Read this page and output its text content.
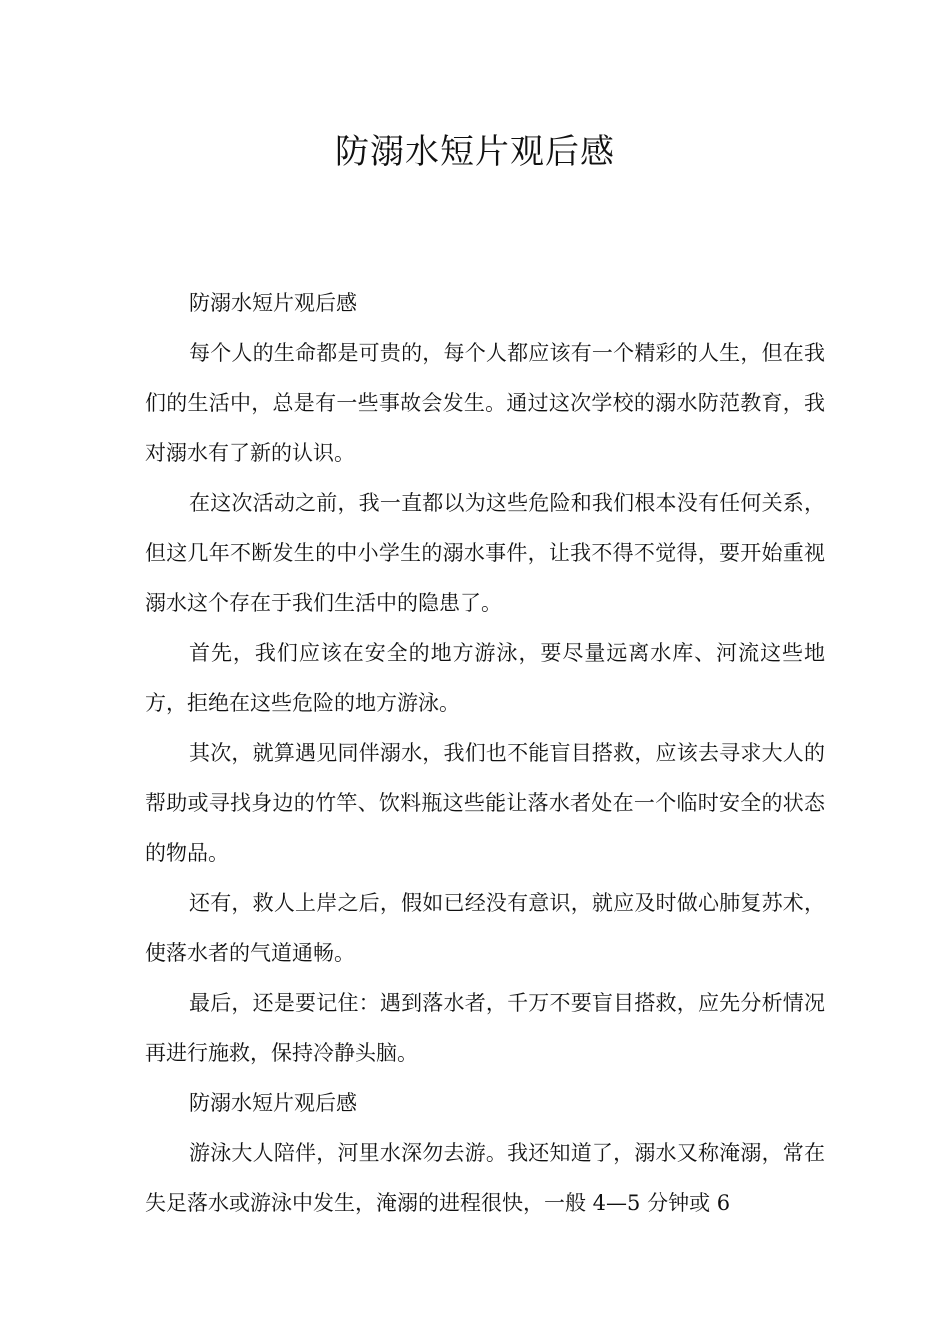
防溺水短片观后感

防溺水短片观后感

每个人的生命都是可贵的，每个人都应该有一个精彩的人生，但在我们的生活中，总是有一些事故会发生。通过这次学校的溺水防范教育，我对溺水有了新的认识。

在这次活动之前，我一直都以为这些危险和我们根本没有任何关系，但这几年不断发生的中小学生的溺水事件，让我不得不觉得，要开始重视溺水这个存在于我们生活中的隐患了。

首先，我们应该在安全的地方游泳，要尽量远离水库、河流这些地方，拒绝在这些危险的地方游泳。

其次，就算遇见同伴溺水，我们也不能盲目搭救，应该去寻求大人的帮助或寻找身边的竹竿、饮料瓶这些能让落水者处在一个临时安全的状态的物品。

还有，救人上岸之后，假如已经没有意识，就应及时做心肺复苏术，使落水者的气道通畅。

最后，还是要记住：遇到落水者，千万不要盲目搭救，应先分析情况再进行施救，保持冷静头脑。

防溺水短片观后感

游泳大人陪伴，河里水深勿去游。我还知道了，溺水又称淹溺，常在失足落水或游泳中发生，淹溺的进程很快，一般 4—5 分钟或 6
